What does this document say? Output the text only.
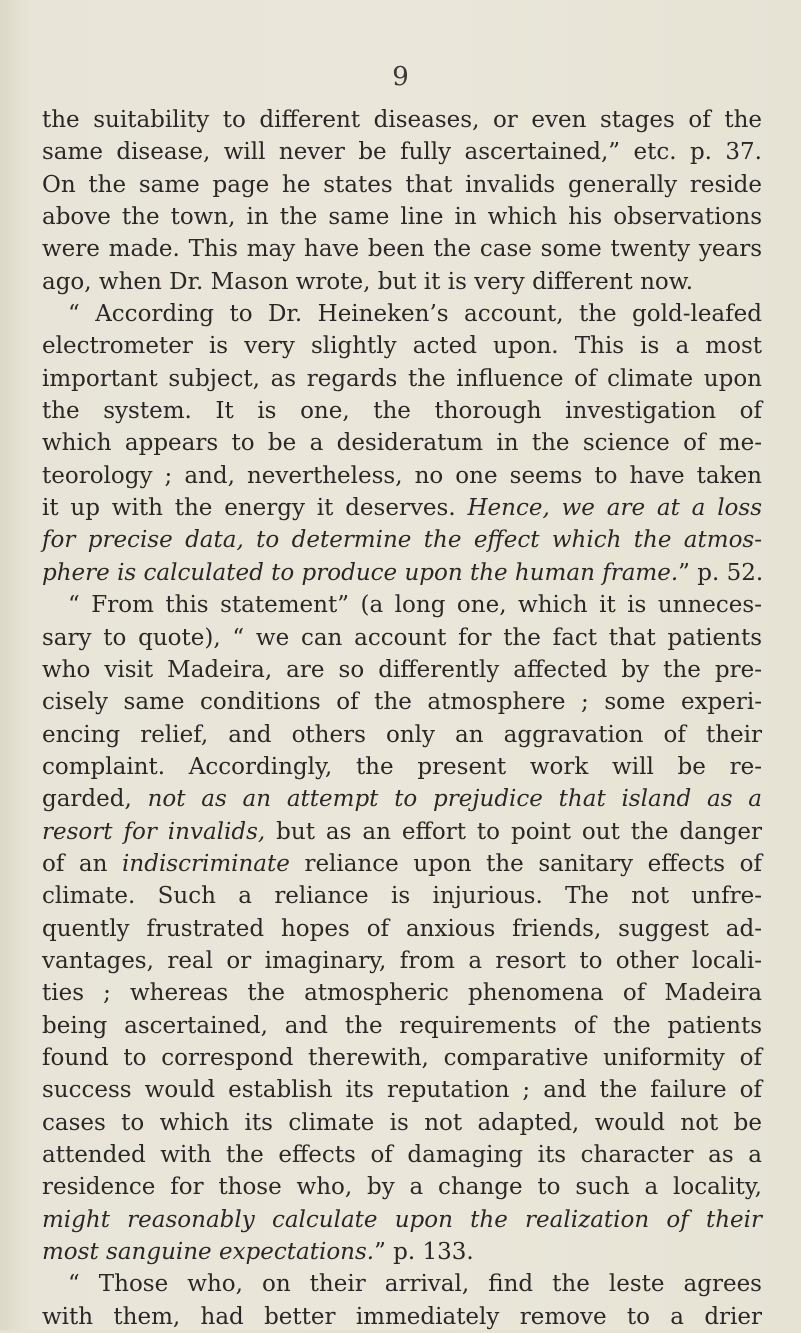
9
the suitability to different diseases, or even stages of the
same disease, will never be fully ascertained,” etc. p. 37.
On the same page he states that invalids generally reside
above the town, in the same line in which his observations
were made. This may have been the case some twenty years
ago, when Dr. Mason wrote, but it is very different now.
“ According to Dr. Heineken’s account, the gold-leafed
electrometer is very slightly acted upon. This is a most
important subject, as regards the influence of climate upon
the system. It is one, the thorough investigation of
which appears to be a desideratum in the science of me-
teorology ; and, nevertheless, no one seems to have taken
it up with the energy it deserves. Hence, we are at a loss
for precise data, to determine the effect which the atmos-
phere is calculated to produce upon the human frame.” p. 52.
“ From this statement” (a long one, which it is unneces-
sary to quote), “ we can account for the fact that patients
who visit Madeira, are so differently affected by the pre-
cisely same conditions of the atmosphere ; some experi-
encing relief, and others only an aggravation of their
complaint. Accordingly, the present work will be re-
garded, not as an attempt to prejudice that island as a
resort for invalids, but as an effort to point out the danger
of an indiscriminate reliance upon the sanitary effects of
climate. Such a reliance is injurious. The not unfre-
quently frustrated hopes of anxious friends, suggest ad-
vantages, real or imaginary, from a resort to other locali-
ties ; whereas the atmospheric phenomena of Madeira
being ascertained, and the requirements of the patients
found to correspond therewith, comparative uniformity of
success would establish its reputation ; and the failure of
cases to which its climate is not adapted, would not be
attended with the effects of damaging its character as a
residence for those who, by a change to such a locality,
might reasonably calculate upon the realization of their
most sanguine expectations.” p. 133.
“ Those who, on their arrival, find the leste agrees
with them, had better immediately remove to a drier
